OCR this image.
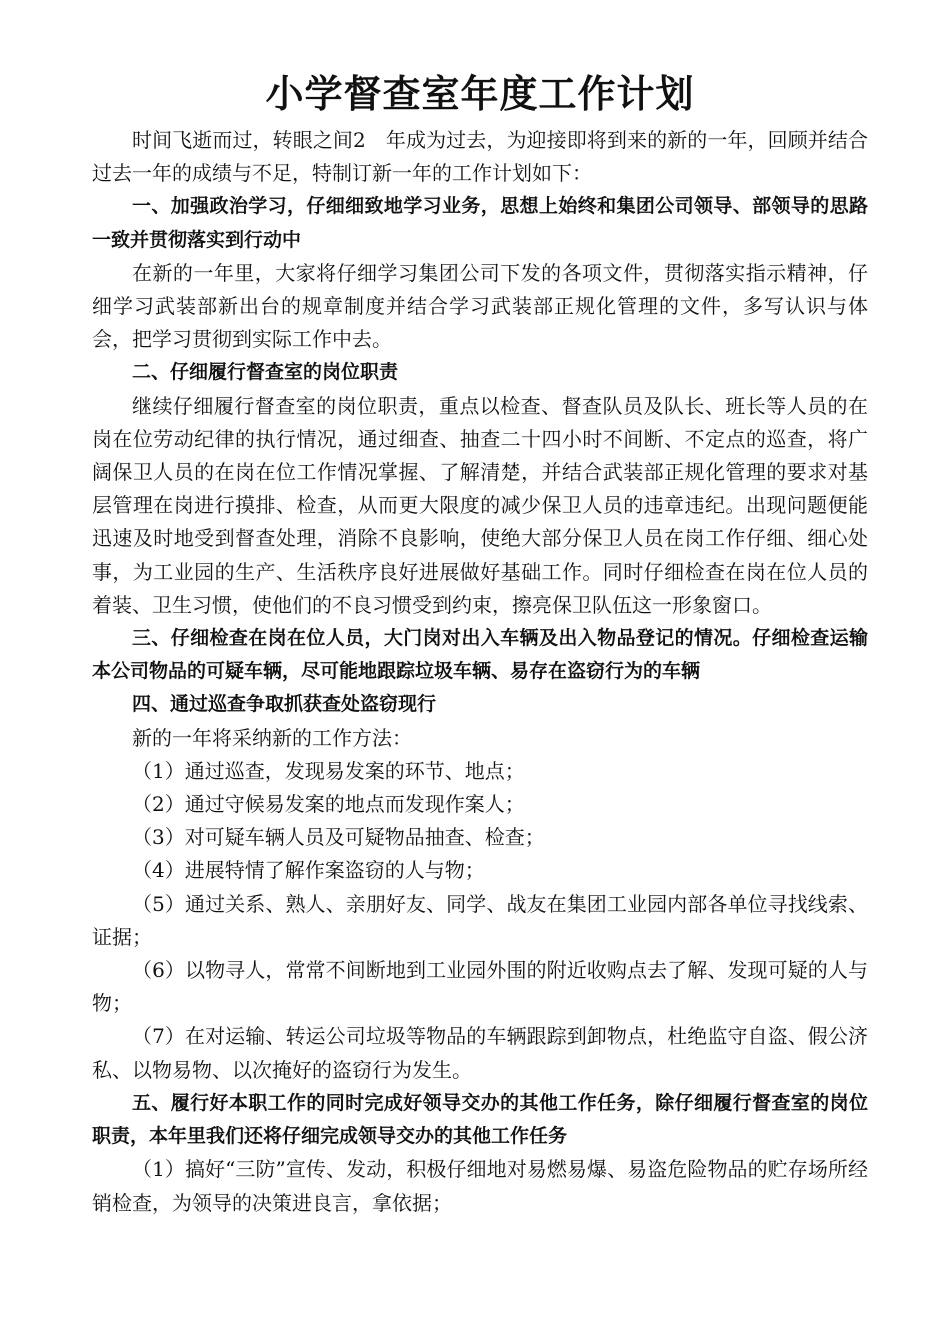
小学督查室年度工作计划

时间飞逝而过，转眼之间2　年成为过去，为迎接即将到来的新的一年，回顾并结合过去一年的成绩与不足，特制订新一年的工作计划如下：

一、加强政治学习，仔细细致地学习业务，思想上始终和集团公司领导、部领导的思路一致并贯彻落实到行动中

在新的一年里，大家将仔细学习集团公司下发的各项文件，贯彻落实指示精神，仔细学习武装部新出台的规章制度并结合学习武装部正规化管理的文件，多写认识与体会，把学习贯彻到实际工作中去。

二、仔细履行督查室的岗位职责

继续仔细履行督查室的岗位职责，重点以检查、督查队员及队长、班长等人员的在岗在位劳动纪律的执行情况，通过细查、抽查二十四小时不间断、不定点的巡查，将广阔保卫人员的在岗在位工作情况掌握、了解清楚，并结合武装部正规化管理的要求对基层管理在岗进行摸排、检查，从而更大限度的减少保卫人员的违章违纪。出现问题便能迅速及时地受到督查处理，消除不良影响，使绝大部分保卫人员在岗工作仔细、细心处事，为工业园的生产、生活秩序良好进展做好基础工作。同时仔细检查在岗在位人员的着装、卫生习惯，使他们的不良习惯受到约束，擦亮保卫队伍这一形象窗口。

三、仔细检查在岗在位人员，大门岗对出入车辆及出入物品登记的情况。仔细检查运输本公司物品的可疑车辆，尽可能地跟踪垃圾车辆、易存在盗窃行为的车辆

四、通过巡查争取抓获查处盗窃现行

新的一年将采纳新的工作方法：

（1）通过巡查，发现易发案的环节、地点；

（2）通过守候易发案的地点而发现作案人；

（3）对可疑车辆人员及可疑物品抽查、检查；

（4）进展特情了解作案盗窃的人与物；

（5）通过关系、熟人、亲朋好友、同学、战友在集团工业园内部各单位寻找线索、证据；

（6）以物寻人，常常不间断地到工业园外围的附近收购点去了解、发现可疑的人与物；

（7）在对运输、转运公司垃圾等物品的车辆跟踪到卸物点，杜绝监守自盗、假公济私、以物易物、以次掩好的盗窃行为发生。

五、履行好本职工作的同时完成好领导交办的其他工作任务，除仔细履行督查室的岗位职责，本年里我们还将仔细完成领导交办的其他工作任务

（1）搞好“三防”宣传、发动，积极仔细地对易燃易爆、易盗危险物品的贮存场所经销检查，为领导的决策进良言，拿依据；
